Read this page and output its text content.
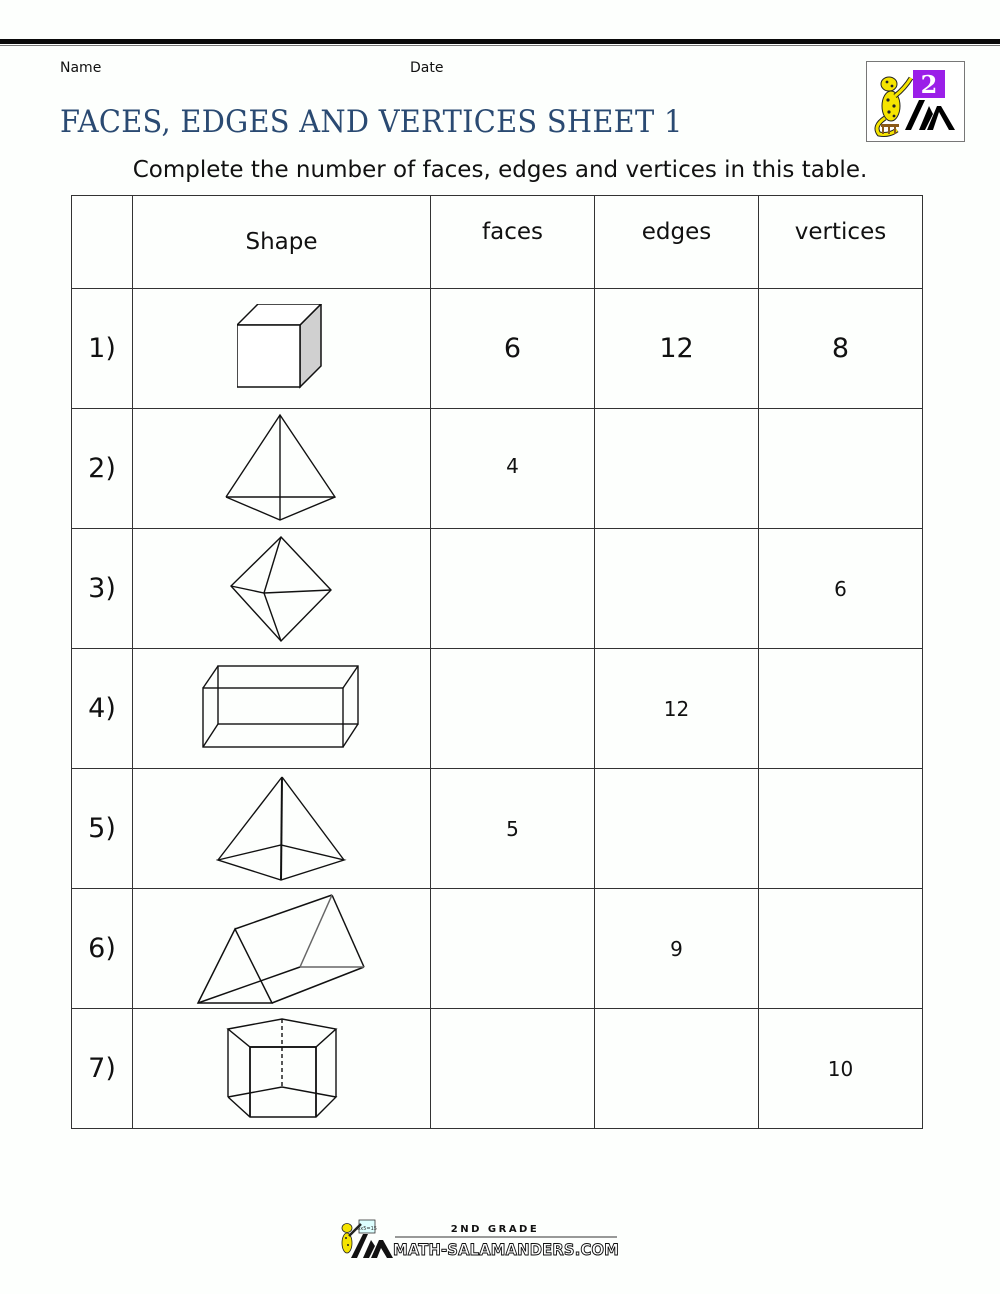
Name	Date
FACES, EDGES AND VERTICES SHEET 1
2
Complete the number of faces, edges and vertices in this table.
	Shape	faces	edges	vertices
1)		6	12	8
2)		4		
3)				6
4)			12	
5)		5		
6)			9	
7)				10
3x5=15	2ND GRADE
MATH-SALAMANDERS.COM
